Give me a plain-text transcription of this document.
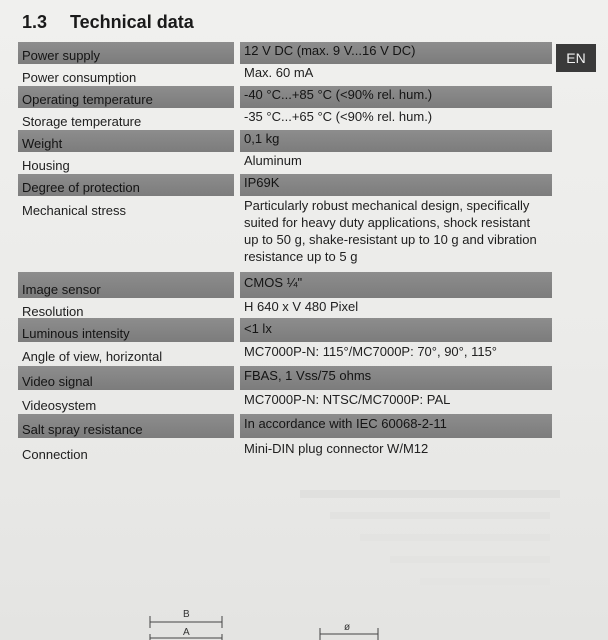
1.3 Technical data
EN
Power supply	12 V DC (max. 9 V...16 V DC)
Power consumption	Max. 60 mA
Operating temperature	-40 °C...+85 °C (<90% rel. hum.)
Storage temperature	-35 °C...+65 °C (<90% rel. hum.)
Weight	0,1 kg
Housing	Aluminum
Degree of protection	IP69K
Mechanical stress	Particularly robust mechanical design, specifically suited for heavy duty applications, shock resistant up to 50 g, shake-resistant up to 10 g and vibration resistance up to 5 g
Image sensor	CMOS ¼"
Resolution	H 640 x V 480 Pixel
Luminous intensity	<1 lx
Angle of view, horizontal	MC7000P-N: 115°/MC7000P: 70°, 90°, 115°
Video signal	FBAS, 1 Vss/75 ohms
Videosystem	MC7000P-N: NTSC/MC7000P: PAL
Salt spray resistance	In accordance with IEC 60068-2-11
Connection	Mini-DIN plug connector W/M12
B
A	ø
